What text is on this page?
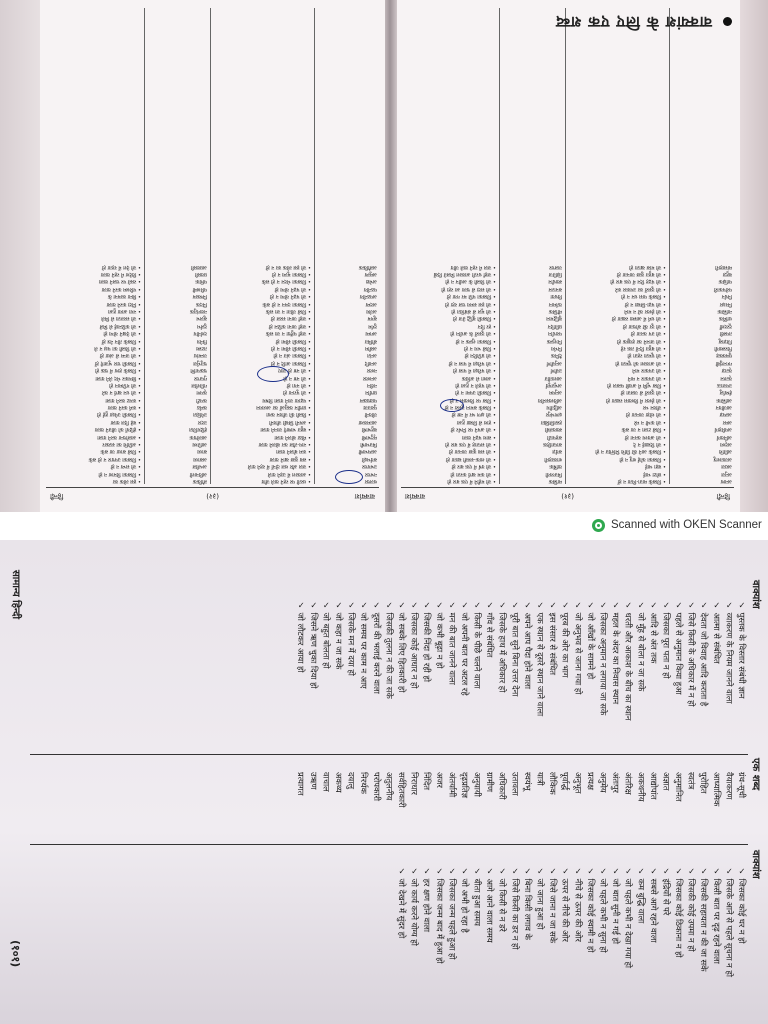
हिन्दी
(३१)
वाक्यांश
अनाथ
अनुज
अग्रज
अजातशत्रु
अतिथि
अदृश्य
अनिवार्य
अपरिहार्य
अमर
अल्पज्ञ
आजीवन
आस्तिक
ईर्ष्यालु
उपजाऊ
कृतघ्न
कृतज्ञ
गगनचुंबी
घुमक्कड़
चिरस्थायी
जिज्ञासु
तपस्वी
दूरदर्शी
धार्मिक
नास्तिक
निरक्षर
निर्धन
परोपकारी
पाक्षिक
बहुज्ञ
मांसाहारी
• जिसके माता-पिता न हों
• छोटा भाई
• बड़ा भाई
• जिसका कोई शत्रु न हो
• जिसके आने की तिथि निश्चित न हो
• जो दिखाई न दे
• जो अवश्य करना हो
• जिसे टाला न जा सके
• जो कभी न मरे
• जो थोड़ा जानता हो
• जीवन भर
• जो ईश्वर में विश्वास रखता हो
• जो दूसरों से जलता हो
• जिस भूमि में अच्छी फसल हो
• जो उपकार न माने
• जो उपकार माने
• जो आकाश को चूमता हो
• जो घूमता रहता हो
• जो बहुत दिनों तक रहे
• जो जानने का इच्छुक हो
• जो तप करता हो
• जो दूर की सोचता हो
• जो धर्म में आस्था रखता हो
• जो ईश्वर को न माने
• जो पढ़ा-लिखा न हो
• जिसके पास धन न हो
• जो दूसरों का उपकार करे
• जो पंद्रह दिन में एक बार हो
• जो बहुत कुछ जानता हो
• जो मांस खाता हो
मासिक
मितव्ययी
वार्षिक
शाकाहारी
सर्वज्ञ
साप्ताहिक
सहपाठी
स्वावलंबी
हस्तलिखित
क्षणभंगुर
अद्वितीय
अविश्वसनीय
अनुपम
अभूतपूर्व
आशातीत
उत्तीर्ण
अनुत्तीर्ण
दैनिक
निर्भय
निःशुल्क
पराधीन
प्रतिदिन
बुद्धिमान
मौलिक
वर्तमान
विधवा
सनातन
स्वाधीन
क्षितिज
जलचर
• जो महीने में एक बार हो
• जो कम खर्च करता हो
• जो वर्ष में एक बार हो
• जो शाक-सब्जी खाता हो
• जो सब कुछ जानता हो
• जो सप्ताह में एक बार हो
• साथ पढ़ने वाला
• जो अपने पर निर्भर हो
• हाथ से लिखा हुआ
• जो क्षण भर में नष्ट हो
• जिसके समान दूसरा न हो
• जिस पर विश्वास न हो
• जिसकी उपमा न हो
• जो पहले न हुआ हो
• आशा से अधिक
• जो परीक्षा में पास हो
• जो परीक्षा में पास न हो
• जो प्रतिदिन हो
• जिसे भय न हो
• जिसका शुल्क न हो
• जो दूसरों के अधीन हो
• हर दिन
• जिसकी बुद्धि तेज हो
• जो मूल से संबंधित हो
• जो इस समय चल रहा हो
• जिसका पति मर गया हो
• जो सदा से चला आ रहा हो
• जो किसी के अधीन न हो
• जहाँ धरती आकाश मिलते दिखें
• जल में रहने वाले जीव
वाक्यांश के लिए एक शब्द
वाक्यांश
(३२)
हिन्दी
थलचर
नभचर
उभयचर
सर्वभक्षी
अल्पभाषी
मितभाषी
मृदुभाषी
बहुभाषी
आत्मकथा
जीवनी
पुरातत्व
पाठ्यक्रम
प्राचीन
नवीन
अनश्वर
नश्वर
अनादि
अनंत
असीम
सीमित
अगम्य
दुर्गम
सुगम
अजेय
अदम्य
अपठनीय
पठनीय
अभेद्य
अमूल्य
अलौकिक
• धरती पर रहने वाले जीव
• आकाश में उड़ने वाले
• जल और थल दोनों में रहने वाले
• सब कुछ खाने वाला
• कम बोलने वाला
• नाप-तौल कर बोलने वाला
• मीठा बोलने वाला
• बहुत भाषाएँ जानने वाला
• अपनी लिखी जीवनी
• किसी की जीवन कथा
• प्राचीन वस्तुओं का अध्ययन
• पढ़ाया जाने वाला विषय
• जो पुराना हो
• जो नया हो
• जो नष्ट न हो
• जो नष्ट हो जाए
• जिसका आदि न हो
• जिसका अंत न हो
• जिसकी सीमा न हो
• जिसकी सीमा हो
• जहाँ पहुँचा न जा सके
• जहाँ जाना कठिन हो
• जहाँ जाना सरल हो
• जिसे जीता न जा सके
• जिसका दमन न हो सके
• जो पढ़ने योग्य न हो
• जो पढ़ने योग्य हो
• जिसका भेदन न हो सके
• जिसका मूल्य न हो
• जो इस लोक का न हो
लौकिक
अविनाशी
अश्लील
असाध्य
साध्य
आतिथ्य
आलोचक
इंद्रियजित
उदार
उपेक्षित
कर्मठ
कपटी
कृपण
गतिशील
गुप्तचर
चक्रपाणि
चतुर्भुज
जन्मांध
तटस्थ
त्रिनेत्र
दर्शनीय
दुर्लभ
सुलभ
नवागंतुक
निंदक
निष्काम
परिश्रमी
पथिक
प्रवासी
अप्रवासी
• इस लोक का
• जिसका विनाश न हो
• जो सभ्य न हो
• जिसका उपचार न हो सके
• जिसे साधा जा सके
• अतिथि का सत्कार
• आलोचना करने वाला
• इंद्रियों को जीतने वाला
• बड़े दिल वाला
• जिसकी उपेक्षा हुई हो
• कर्म करने वाला
• कपट करने वाला
• जो धन खर्च न करे
• जो गतिमान हो
• छिपकर भेद लेने वाला
• जिसके हाथ में चक्र हो
• जिसकी चार भुजाएँ हों
• जो जन्म से अंधा हो
• जो किसी का पक्ष न ले
• जिसके तीन नेत्र हों
• जो देखने योग्य हो
• जो कठिनाई से मिले
• जो सरलता से मिले
• नया आया हुआ
• निंदा करने वाला
• बिना कामना के
• परिश्रम करने वाला
• रास्ते पर चलने वाला
• विदेश में रहने वाला
• जो देश में रहता हो
Scanned with OKEN Scanner
सामान्य हिन्दी
(१०१)
वाक्यांश
✓ पुस्तक के विस्तार संबंधी ज्ञान
✓ व्याकरण के नियम जानने वाला
✓ आत्मा से संबंधित
✓ देवता जो विवाह आदि कराता है
✓ जिसे किसी के अधिकार में न हो
✓ पहले से अनुमान किया हुआ
✓ जिसका पूरा पता न हो
✓ आदि से अंत तक
✓ जो मुँह से बोला न जा सके
✓ धरती और आकाश के बीच का स्थान
✓ महल के अंदर का निवास स्थान
✓ जिसका अनुमान न लगाया जा सके
✓ जो आँखों के सामने हो
✓ जो अनुभव से जाना गया हो
✓ पूरब की ओर का भाग
✓ इस संसार से संबंधित
✓ एक स्थान से दूसरे स्थान जाने वाला
✓ अपने आप पैदा होने वाला
✓ पूरी बात सुने बिना उत्तर देना
✓ जिसके हाथ में अधिकार हो
✓ गाँव से संबंधित
✓ किसी के पीछे चलने वाला
✓ जो अपनी बात पर अटल रहे
✓ मन की बात जानने वाला
✓ जो कभी बूढ़ा न हो
✓ जिसकी निंदा हो रही हो
✓ जिसका कोई आधार न हो
✓ जो सबके लिए हितकारी हो
✓ जिसकी तुलना न की जा सके
✓ दूसरों की भलाई करने वाला
✓ जो समय पर काम न आए
✓ जिसके मन में दया हो
✓ जो कहा न जा सके
✓ जो बहुत बोलता हो
✓ जिसने ऋण चुका दिया हो
✓ जो लौटकर आया हो
एक शब्द
ग्रंथ-सूची
वैयाकरण
आध्यात्मिक
पुरोहित
स्वतंत्र
अनुमानित
अज्ञात
आद्योपांत
अकथनीय
अंतरिक्ष
अंतःपुर
अनुमेय
प्रत्यक्ष
अनुभूत
पूर्वार्द्ध
लौकिक
यात्री
स्वयंभू
उतावला
अधिकारी
ग्रामीण
अनुयायी
दृढ़प्रतिज्ञ
अंतर्यामी
अजर
निंदित
निराधार
सर्वहितकारी
अतुलनीय
परोपकारी
निरर्थक
दयालु
अकथ्य
वाचाल
उऋण
प्रत्यागत
वाक्यांश
✓ जिसका कोई घर न हो
✓ जिसके आने से पहले सूचना न हो
✓ किसी बात पर दृढ़ रहने वाला
✓ जिसकी सहायता न की जा सके
✓ जिसकी कोई उपमा न हो
✓ जिसका कोई ठिकाना न हो
✓ इंद्रियों से परे
✓ सबसे आगे रहने वाला
✓ कम बुद्धि वाला
✓ जो पहले कभी न देखा गया हो
✓ जो बात सुनी न गई हो
✓ जो पहले कभी न सुना हो
✓ जिसका कोई स्वामी न हो
✓ नीचे से ऊपर की ओर
✓ ऊपर से नीचे की ओर
✓ जिसे जाना न जा सके
✓ जो जाना हुआ हो
✓ बिना किसी लगाव के
✓ जिसे किसी का डर न हो
✓ जो किसी से न डरे
✓ आगे आने वाला समय
✓ बीता हुआ समय
✓ जो अभी हो रहा है
✓ जिसका जन्म पहले हुआ हो
✓ जिसका जन्म बाद में हुआ हो
✓ हर क्षण होने वाला
✓ जो कार्य करने योग्य हो
✓ जो देखने में सुंदर हो
